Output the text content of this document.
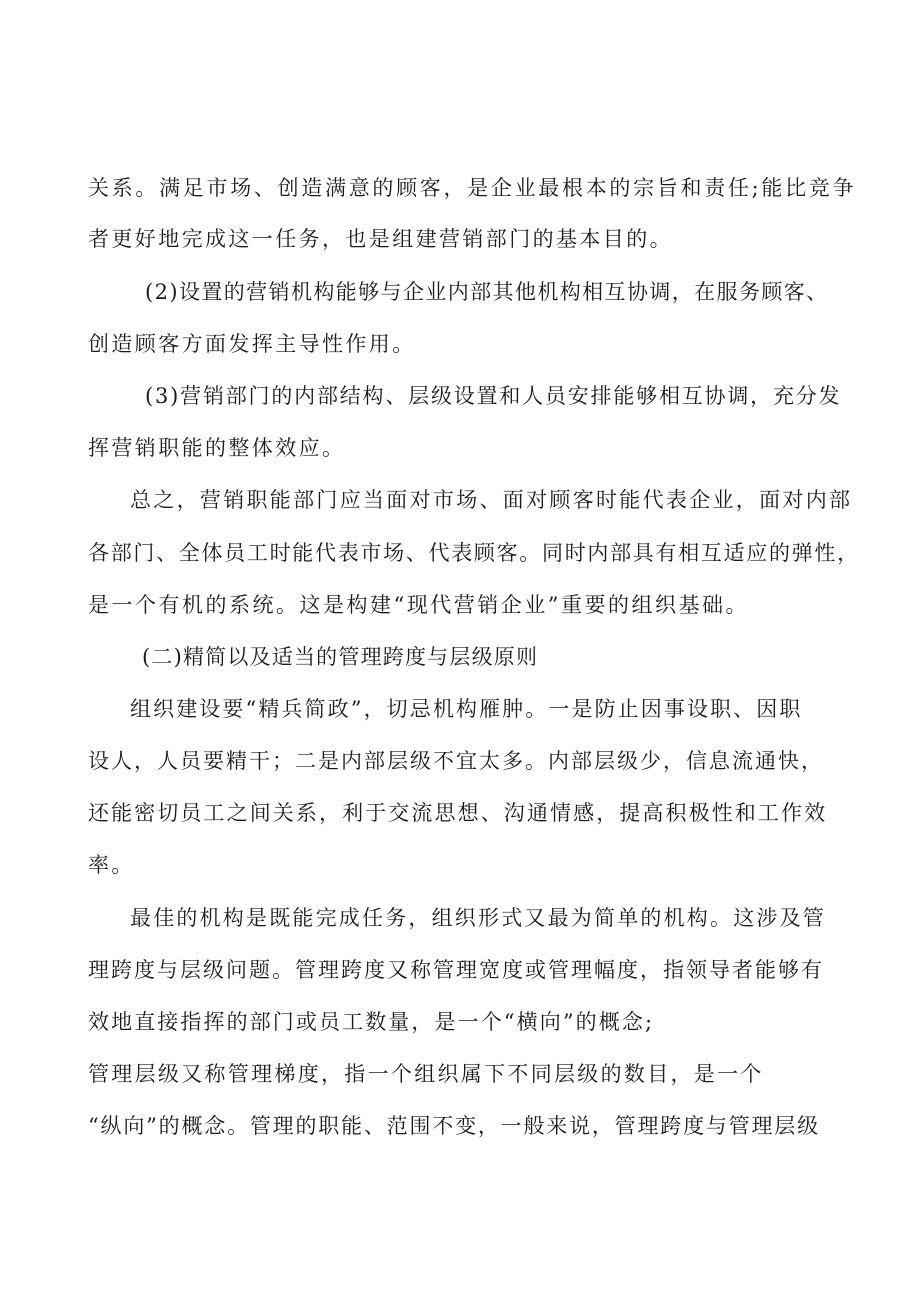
关系。满足市场、创造满意的顾客，是企业最根本的宗旨和责任;能比竞争
者更好地完成这一任务，也是组建营销部门的基本目的。
(2)设置的营销机构能够与企业内部其他机构相互协调，在服务顾客、
创造顾客方面发挥主导性作用。
(3)营销部门的内部结构、层级设置和人员安排能够相互协调，充分发
挥营销职能的整体效应。
总之，营销职能部门应当面对市场、面对顾客时能代表企业，面对内部
各部门、全体员工时能代表市场、代表顾客。同时内部具有相互适应的弹性，
是一个有机的系统。这是构建“现代营销企业”重要的组织基础。
(二)精简以及适当的管理跨度与层级原则
组织建设要“精兵简政”，切忌机构雁肿。一是防止因事设职、因职
设人，人员要精干；二是内部层级不宜太多。内部层级少，信息流通快，
还能密切员工之间关系，利于交流思想、沟通情感，提高积极性和工作效
率。
最佳的机构是既能完成任务，组织形式又最为简单的机构。这涉及管
理跨度与层级问题。管理跨度又称管理宽度或管理幅度，指领导者能够有
效地直接指挥的部门或员工数量，是一个“横向”的概念;
管理层级又称管理梯度，指一个组织属下不同层级的数目，是一个
“纵向”的概念。管理的职能、范围不变，一般来说，管理跨度与管理层级
